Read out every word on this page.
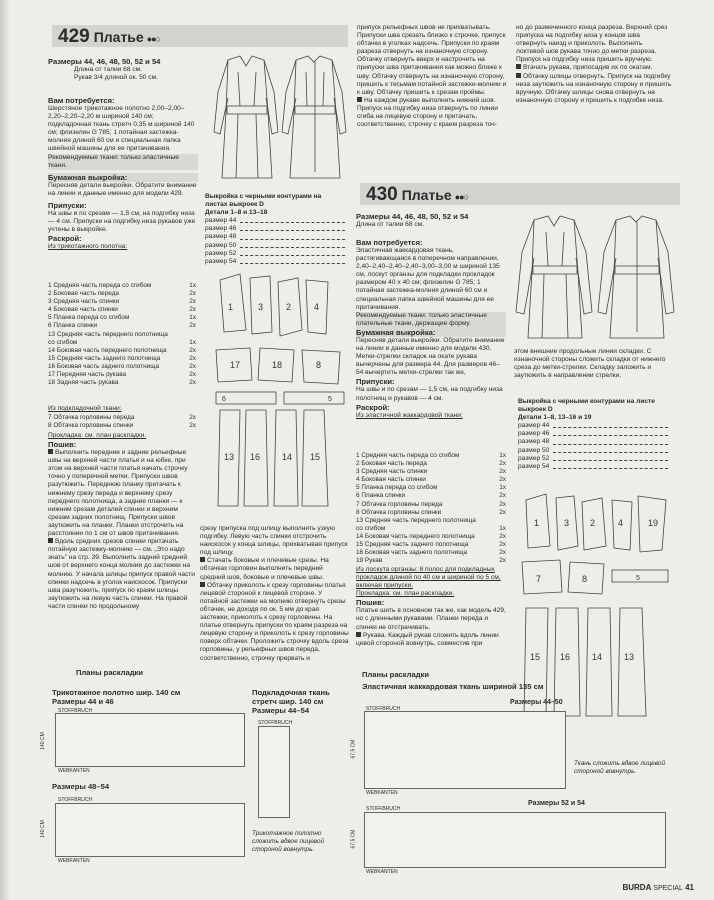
429 Платье ●●○

Размеры 44, 46, 48, 50, 52 и 54

Длина от талии 68 см.

Рукав 3/4 длиной ок. 50 см.

Вам потребуется:

Шерстяное трикотажное полотно 2,00–2,00–2,20–2,20–2,20 м шириной 140 см; подкладочная ткань стретч 0,35 м шириной 140 см; флизелин G 785; 1 потайная застежка-молния длиной 60 см и специальная лапка швейной машины для ее притачивания.

Рекомендуемые ткани: только эластичные ткани.

Бумажная выкройка:

Пересняв детали выкройки. Обратите внимание на линии и данные именно для модели 429.

Припуски:

На швы и по срезам — 1,5 см, на подгибку низа — 4 см. Припуски на подгибку низа рукавов уже учтены в выкройке.

Раскрой:

Из трикотажного полотна:

1 Средняя часть переда со сгибом	1x
2 Боковая часть переда	2x
3 Средняя часть спинки	2x
4 Боковая часть спинки	2x
5 Планка переда со сгибом	1x
6 Планка спинки	2x
13 Средняя часть переднего полотнища
со сгибом	1x
14 Боковая часть переднего полотнища	2x
15 Средняя часть заднего полотнища	2x
16 Боковая часть заднего полотнища	2x
17 Передняя часть рукава	2x
18 Задняя часть рукава	2x

Из подкладочной ткани:

7 Обтачка горловины переда	2x
8 Обтачка горловины спинки	2x

Прокладка: см. план раскладки.

Пошив:

Выполнить передние и задние рельефные швы на верхней части платья и на юбке, при этом на верхней части платья начать строчку точно у поперечной метки. Припуски швов разутюжить. Переднюю планку притачать к нижнему срезу переда и верхнему срезу переднего полотнища, а задние планки — к нижним срезам деталей спинки и верхним срезам задних полотнищ. Припуски швов заутюжить на планки. Планки отстрочить на расстоянии по 1 см от швов притачивания.

Вдоль средних срезов спинки притачать потайную застежку-молнию — см. „Это надо знать" на стр. 39. Выполнить задний средний шов от верхнего конца молнии до застежки на молнию. У начала шлицы припуск правой части спинки надсечь в уголок наискосок. Припуски шва разутюжить, припуск по краям шлицы заутюжить на левую часть спинки. На правой части спинки по продольному

Выкройка с черными контурами на листах выкроек D
Детали 1–8 и 13–18
размер 44
размер 46
размер 48
размер 50
размер 52
размер 54
1	3	2	4
17	18	8
6	5
13 16 14 15

припуск рельефных швов не прихватывать. Припуски шва срезать близко к строчке, припуск обтачки в уголках надсечь. Припуски по краям разреза отвернуть на изнаночную сторону. Обтачку отвернуть вверх и настрочить на припуски шва притачивания как можно ближе к шву. Обтачку отвернуть на изнаночную сторону, пришить к тесьмам потайной застежки-молнии и к шву. Обтачку пришить к срезам проймы.

На каждом рукаве выполнить нижний шов. Припуск на подгибку низа отвернуть по линии сгиба на лицевую сторону и притачать, соответственно, строчку с краем разреза точ-

но до размеченного конца разреза. Верхний срез припуска на подгибку низа у концов шва отвернуть наизд и приколоть. Выполнить локтевой шов рукава точно до метки разреза. Припуск на подгибку низа пришить вручную.

Втачать рукава, припосадив их по окатам.

Обтачку шлицы отвернуть. Припуск на подгибку низа заутюжить на изнаночную сторону и пришить вручную. Обтачку шлицы снова отвернуть на изнаночную сторону и пришить к подгибке низа.

срезу припуска под шлицу выполнить узкую подгибку. Левую часть спинки отстрочить наискосок у конца шлицы, прихватывая припуск под шлицу.

Стачать боковые и плечевые срезы. На обтачках горловин выполнить передний средний шов, боковые и плечевые швы.

Обтачку приколоть к срезу горловины платья лицевой стороной к лицевой стороне. У потайной застежки на молнию отвернуть срезы обтачек, не доходя по ок. 5 мм до края застежки, приколоть к срезу горловины. На платье отвернуть припуски по краям разреза на лицевую сторону и приколоть к срезу горловины поверх обтачки. Проложить строчку вдоль среза горловины, у рельефных швов переда, соответственно, строчку прервать и

430 Платье ●●○

Размеры 44, 46, 48, 50, 52 и 54

Длина от талии 68 см.

Вам потребуется:

Эластичная жаккардовая ткань, растягивающаяся в поперечном направлении, 2,40–2,40–2,40–2,40–3,00–3,00 м шириной 135 см, лоскут органзы для подкладки прокладок размером 40 х 40 см; флизелин G 785; 1 потайная застежка-молния длиной 60 см и специальная лапка швейной машины для ее притачивания.

Рекомендуемые ткани: только эластичные плательные ткани, держащие форму.

Бумажная выкройка:

Пересняв детали выкройки. Обратите внимание на линии и данные именно для модели 430. Метки-стрелки складок на окате рукава вычерчены для размера 44. Для размеров 46–54 вычертить метки-стрелки так же,

Припуски:

На швы и по срезам — 1,5 см, на подгибку низа полотнищ и рукавов — 4 см.

Раскрой:

Из эластичной жаккардовой ткани:

1 Средняя часть переда со сгибом	1x
2 Боковая часть переда	2x
3 Средняя часть спинки	2x
4 Боковая часть спинки	2x
5 Планка переда со сгибом	1x
6 Планка спинки	2x
7 Обтачка горловины переда	2x
8 Обтачка горловины спинки	2x
13 Средняя часть переднего полотнища
со сгибом	1x
14 Боковая часть переднего полотнища	2x
15 Средняя часть заднего полотнища	2x
16 Боковая часть заднего полотнища	2x
19 Рукав	2x

Из лоскута органзы: 8 полос для подкладных прокладок длиной по 40 см и шириной по 5 см, включая припуски.

Прокладка: см. план раскладки.

Пошив:

Платье шить в основном так же, как модель 429, но с длинными рукавами. Планки переда и спинки не отстрачивать.

Рукава. Каждый рукав сложить вдоль линии цевой стороной вовнутрь, совместив при

этом внешние продольные линии складки. С изнаночной стороны сложить складки от нижнего среза до метки-стрелки. Складку заложить и заутюжить в направлении стрелки.

Выкройка с черными контурами на листе выкроек D
Детали 1–8, 13–16 и 19
размер 44
размер 46
размер 48
размер 50
размер 52
размер 54
1	3 2	4	19
7	8	5
15 16 14 13

Планы раскладки

Трикотажное полотно шир. 140 см

Размеры 44 и 46

STOFFBRUCH
WEBKANTEN
140 CM

Размеры 48–54

STOFFBRUCH
WEBKANTEN
140 CM

Подкладочная ткань стретч шир. 140 см

Размеры 44–54

STOFFBRUCH
Трикотажное полотно сложить вдвое лицевой стороной вовнутрь.

Планы раскладки

Эластичная жаккардовая ткань шириной 135 см

Размеры 44–50
STOFFBRUCH
WEBKANTEN
67,5 CM
Ткань сложить вдвое лицевой стороной вовнутрь.
Размеры 52 и 54
STOFFBRUCH
WEBKANTEN
67,5 CM
BURDA SPECIAL 41
